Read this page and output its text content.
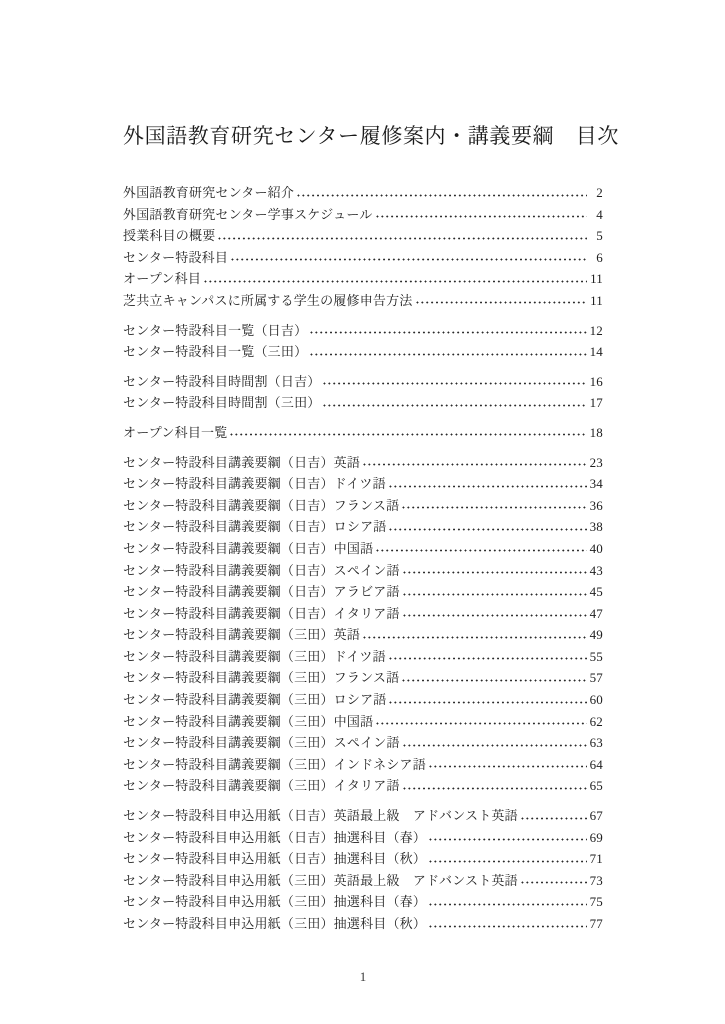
外国語教育研究センター履修案内・講義要綱　目次
外国語教育研究センター紹介	2
外国語教育研究センター学事スケジュール	4
授業科目の概要	5
センター特設科目	6
オープン科目	11
芝共立キャンパスに所属する学生の履修申告方法	11
センター特設科目一覧（日吉）	12
センター特設科目一覧（三田）	14
センター特設科目時間割（日吉）	16
センター特設科目時間割（三田）	17
オープン科目一覧	18
センター特設科目講義要綱（日吉）英語	23
センター特設科目講義要綱（日吉）ドイツ語	34
センター特設科目講義要綱（日吉）フランス語	36
センター特設科目講義要綱（日吉）ロシア語	38
センター特設科目講義要綱（日吉）中国語	40
センター特設科目講義要綱（日吉）スペイン語	43
センター特設科目講義要綱（日吉）アラビア語	45
センター特設科目講義要綱（日吉）イタリア語	47
センター特設科目講義要綱（三田）英語	49
センター特設科目講義要綱（三田）ドイツ語	55
センター特設科目講義要綱（三田）フランス語	57
センター特設科目講義要綱（三田）ロシア語	60
センター特設科目講義要綱（三田）中国語	62
センター特設科目講義要綱（三田）スペイン語	63
センター特設科目講義要綱（三田）インドネシア語	64
センター特設科目講義要綱（三田）イタリア語	65
センター特設科目申込用紙（日吉）英語最上級　アドバンスト英語	67
センター特設科目申込用紙（日吉）抽選科目（春）	69
センター特設科目申込用紙（日吉）抽選科目（秋）	71
センター特設科目申込用紙（三田）英語最上級　アドバンスト英語	73
センター特設科目申込用紙（三田）抽選科目（春）	75
センター特設科目申込用紙（三田）抽選科目（秋）	77
1
